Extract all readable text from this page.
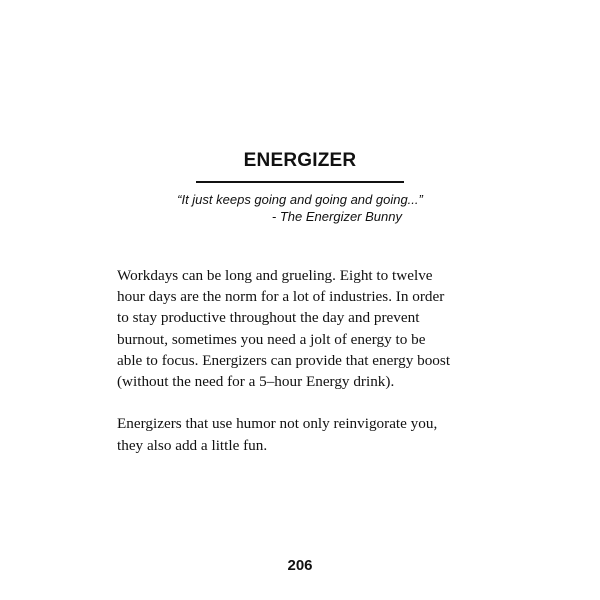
ENERGIZER
“It just keeps going and going and going...”
- The Energizer Bunny

Workdays can be long and grueling. Eight to twelve
hour days are the norm for a lot of industries. In order
to stay productive throughout the day and prevent
burnout, sometimes you need a jolt of energy to be
able to focus. Energizers can provide that energy boost
(without the need for a 5–hour Energy drink).

Energizers that use humor not only reinvigorate you,
they also add a little fun.

206
